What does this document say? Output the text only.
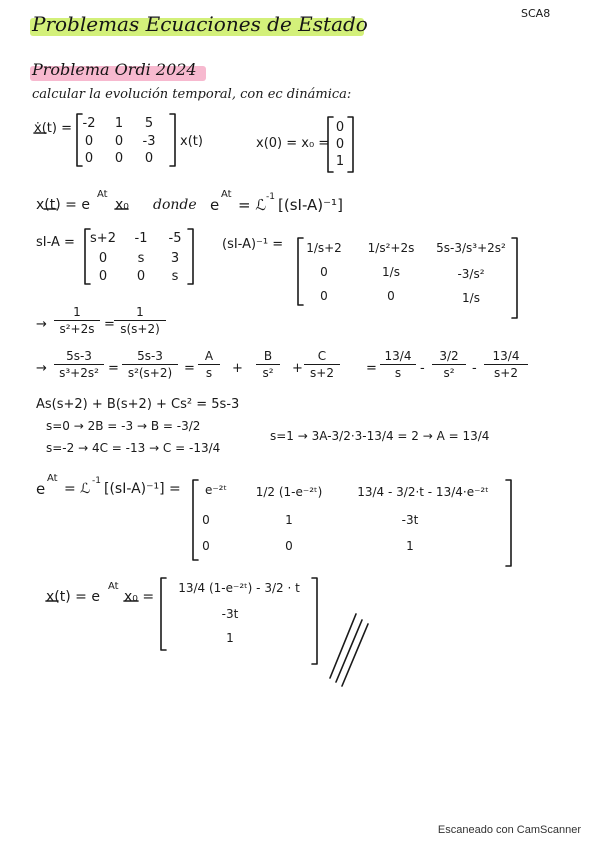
Problemas Ecuaciones de Estado	SCA8
Problema Ordi 2024
calcular la evolución temporal, con ec dinámica:
ẋ(t) = -2	1	5
0	0	-3
0	0	0
x(t)	x(0) = x₀ =
0
0
1
x(t) = e
At
x₀ donde e
At
= ℒ -1 [(sI-A)⁻¹]
sI-A =	s+2	-1	-5
0	s	3
0	0	s
(sI-A)⁻¹ =	1/s+2	1/s²+2s	5s-3/s³+2s²
0	1/s	-3/s²
0	0	1/s
→ $\frac{1}{\text{s²+2s}} = \frac{1}{s(s+2)}$
→ $\frac{5s-3}{\text{s³+2s²}} = \frac{5s-3}{\text{s²(s+2)}} = \frac{A}{s} + \frac{B}{\text{s²}} + \frac{C}{s+2} = \frac{13/4}{s} - \frac{3/2}{\text{s²}} - \frac{13/4}{s+2}$
As(s+2) + B(s+2) + Cs² = 5s-3
s=0 → 2B = -3 → B = -3/2
s=-2 → 4C = -13 → C = -13/4
s=1 → 3A-3/2·3-13/4 = 2 → A = 13/4
e
At
= ℒ -1 [(sI-A)⁻¹] =	e⁻²ᵗ	1/2 (1-e⁻²ᵗ)	13/4 - 3/2·t - 13/4·e⁻²ᵗ
0	1	-3t
0	0	1
x(t) = e
At
x₀ =
13/4 (1-e⁻²ᵗ) - 3/2 · t
-3t
1
Escaneado con CamScanner
